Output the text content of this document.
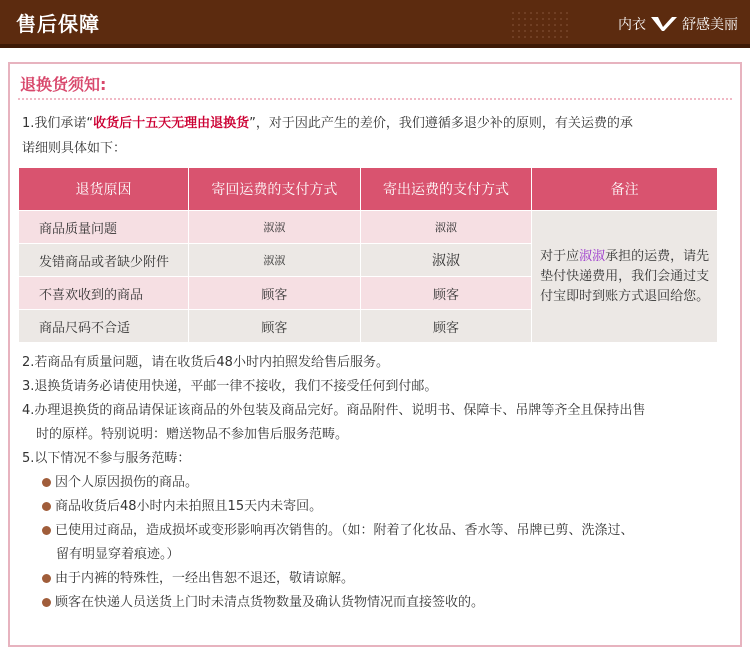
售后保障	内衣	舒感美丽
退换货须知:
1.我们承诺“收货后十五天无理由退换货”，对于因此产生的差价，我们遵循多退少补的原则，有关运费的承
诺细则具体如下：
退货原因	寄回运费的支付方式	寄出运费的支付方式	备注
商品质量问题	淑淑	淑淑	对于应淑淑承担的运费，请先
垫付快递费用，我们会通过支
付宝即时到账方式退回给您。
发错商品或者缺少附件	淑淑	淑淑	
不喜欢收到的商品	顾客	顾客	
商品尺码不合适	顾客	顾客	
2.若商品有质量问题，请在收货后48小时内拍照发给售后服务。
3.退换货请务必请使用快递，平邮一律不接收，我们不接受任何到付邮。
4.办理退换货的商品请保证该商品的外包装及商品完好。商品附件、说明书、保障卡、吊牌等齐全且保持出售
时的原样。特别说明：赠送物品不参加售后服务范畴。
5.以下情况不参与服务范畴：
因个人原因损伤的商品。
商品收货后48小时内未拍照且15天内未寄回。
已使用过商品，造成损坏或变形影响再次销售的。（如：附着了化妆品、香水等、吊牌已剪、洗涤过、
留有明显穿着痕迹。）
由于内裤的特殊性，一经出售恕不退还，敬请谅解。
顾客在快递人员送货上门时未清点货物数量及确认货物情况而直接签收的。
